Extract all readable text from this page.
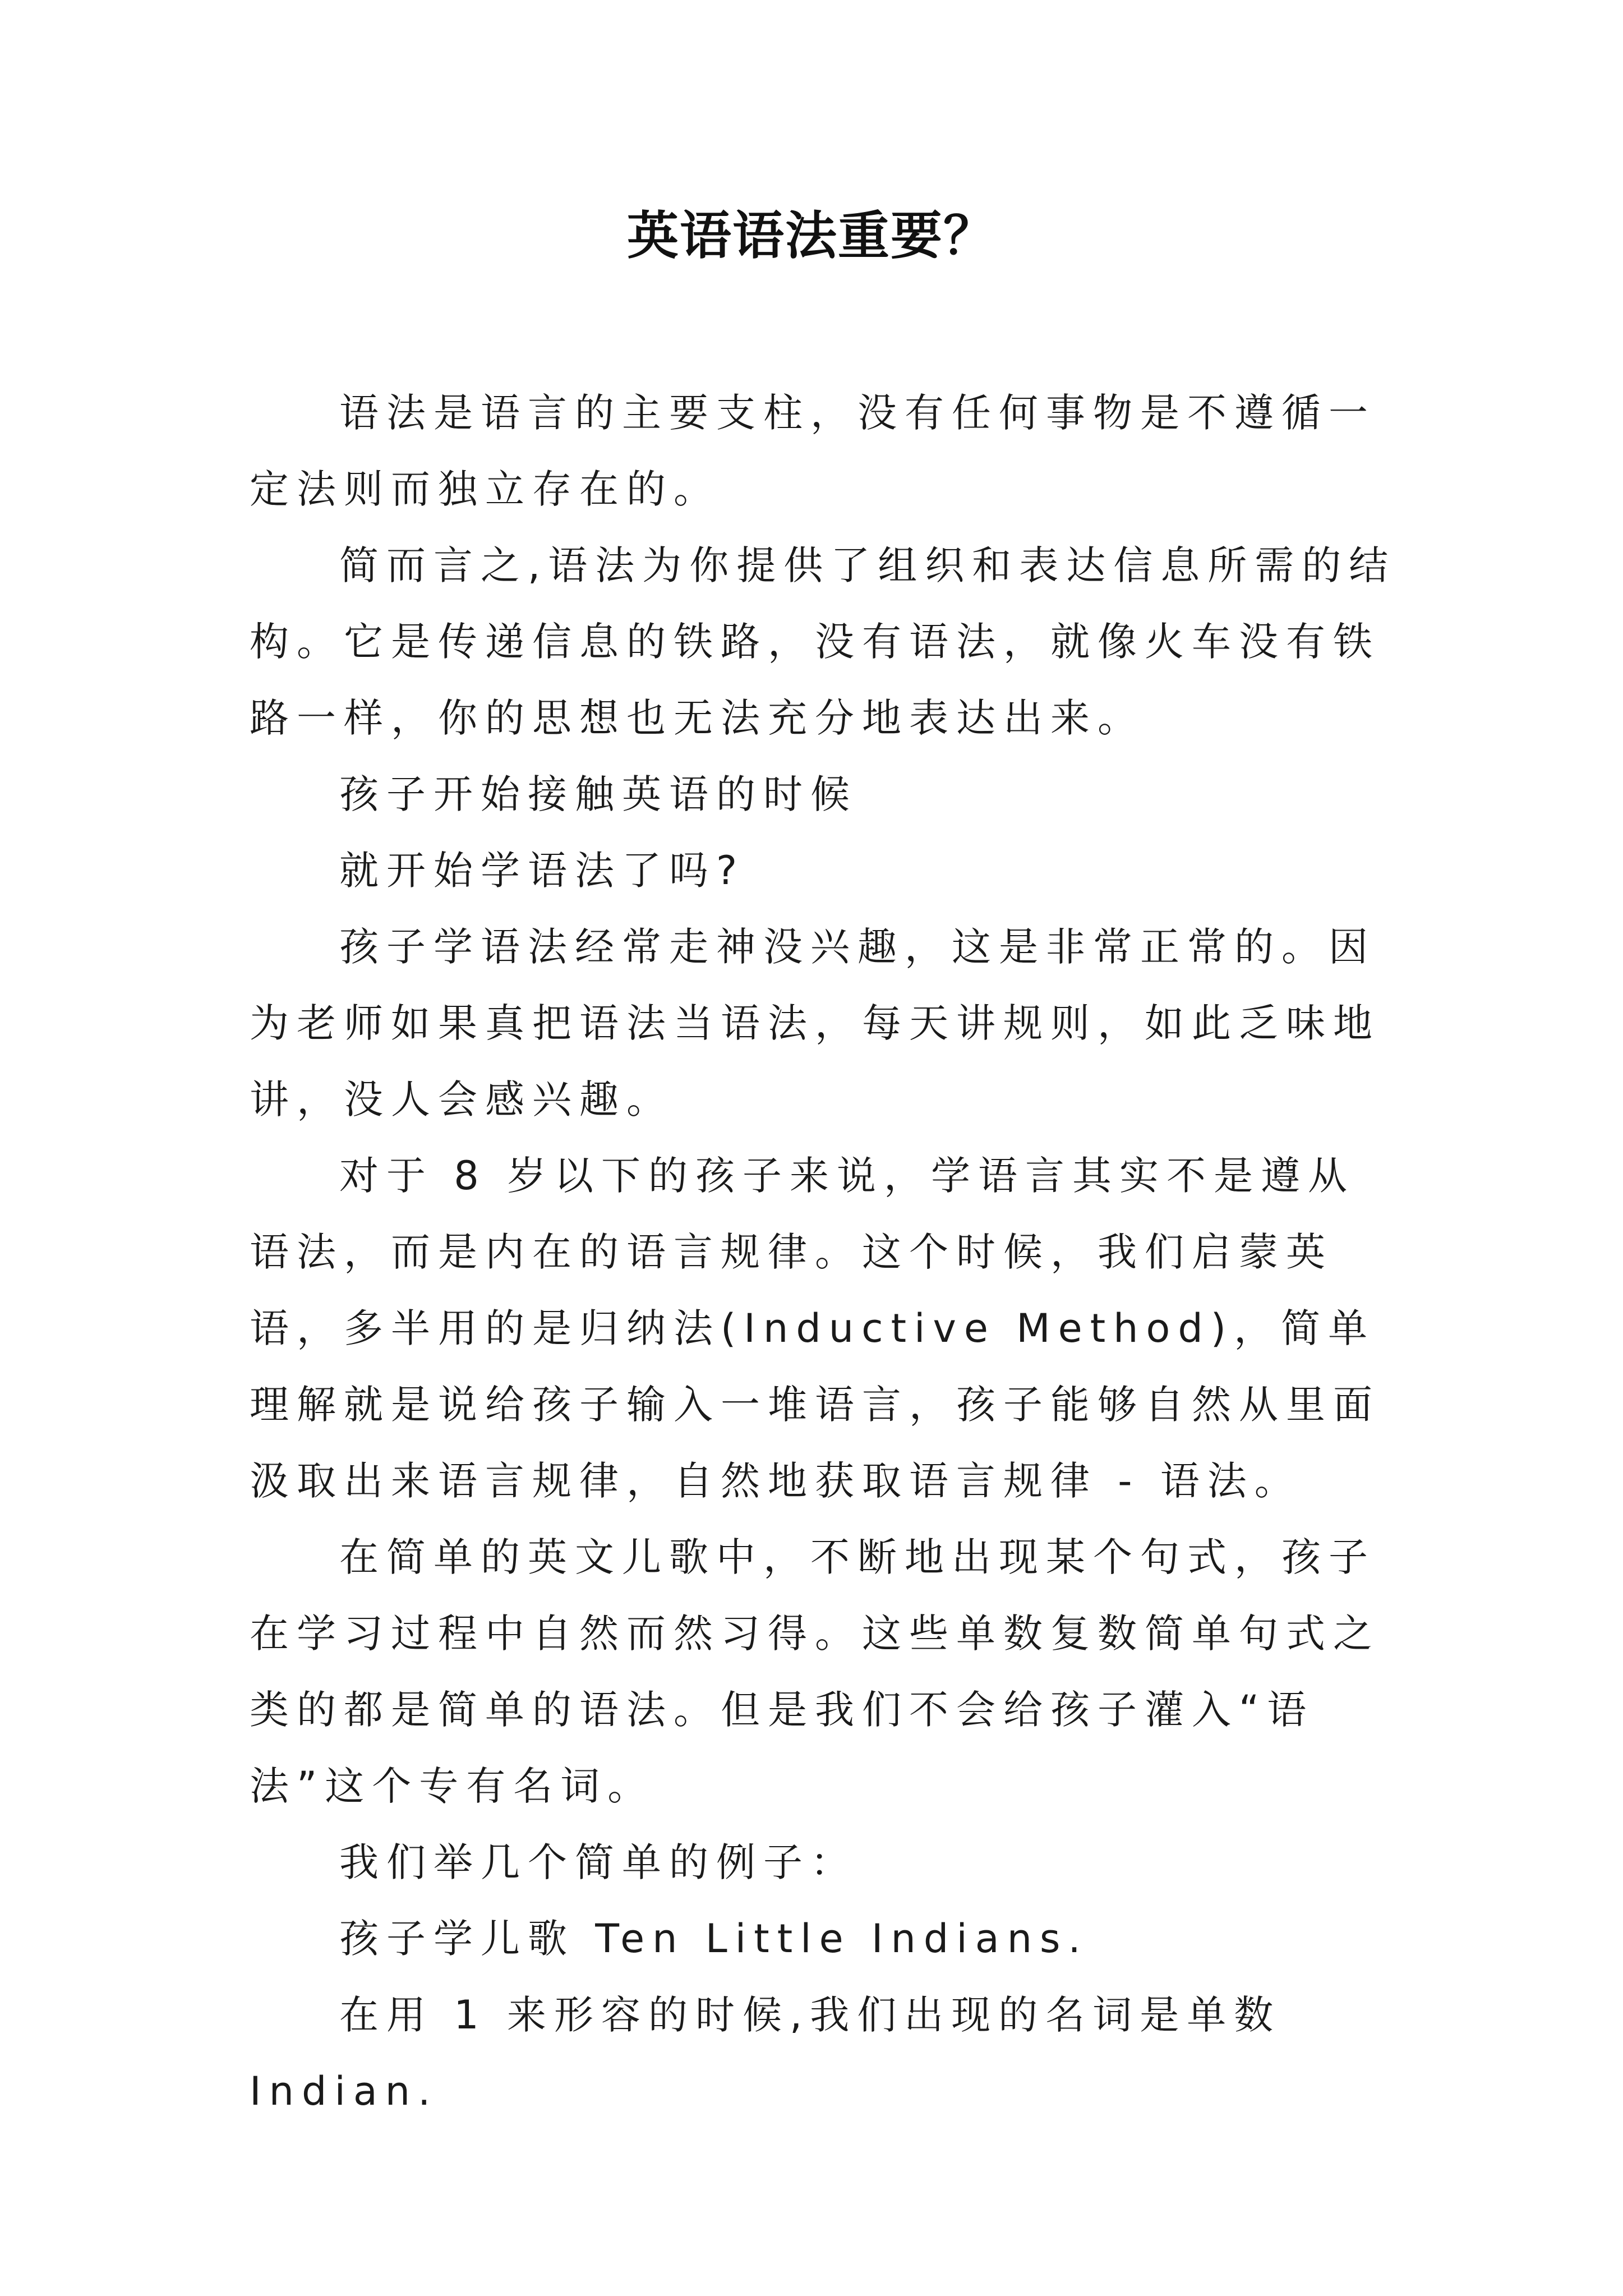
英语语法重要？

语法是语言的主要支柱，没有任何事物是不遵循一定法则而独立存在的。

简而言之,语法为你提供了组织和表达信息所需的结构。它是传递信息的铁路，没有语法，就像火车没有铁路一样，你的思想也无法充分地表达出来。

孩子开始接触英语的时候

就开始学语法了吗?

孩子学语法经常走神没兴趣，这是非常正常的。因为老师如果真把语法当语法，每天讲规则，如此乏味地讲，没人会感兴趣。

对于 8 岁以下的孩子来说，学语言其实不是遵从语法，而是内在的语言规律。这个时候，我们启蒙英语，多半用的是归纳法(Inductive Method)，简单理解就是说给孩子输入一堆语言，孩子能够自然从里面汲取出来语言规律，自然地获取语言规律 - 语法。

在简单的英文儿歌中，不断地出现某个句式，孩子在学习过程中自然而然习得。这些单数复数简单句式之类的都是简单的语法。但是我们不会给孩子灌入“语法”这个专有名词。

我们举几个简单的例子：

孩子学儿歌 Ten Little Indians.

在用 1 来形容的时候,我们出现的名词是单数 Indian.
